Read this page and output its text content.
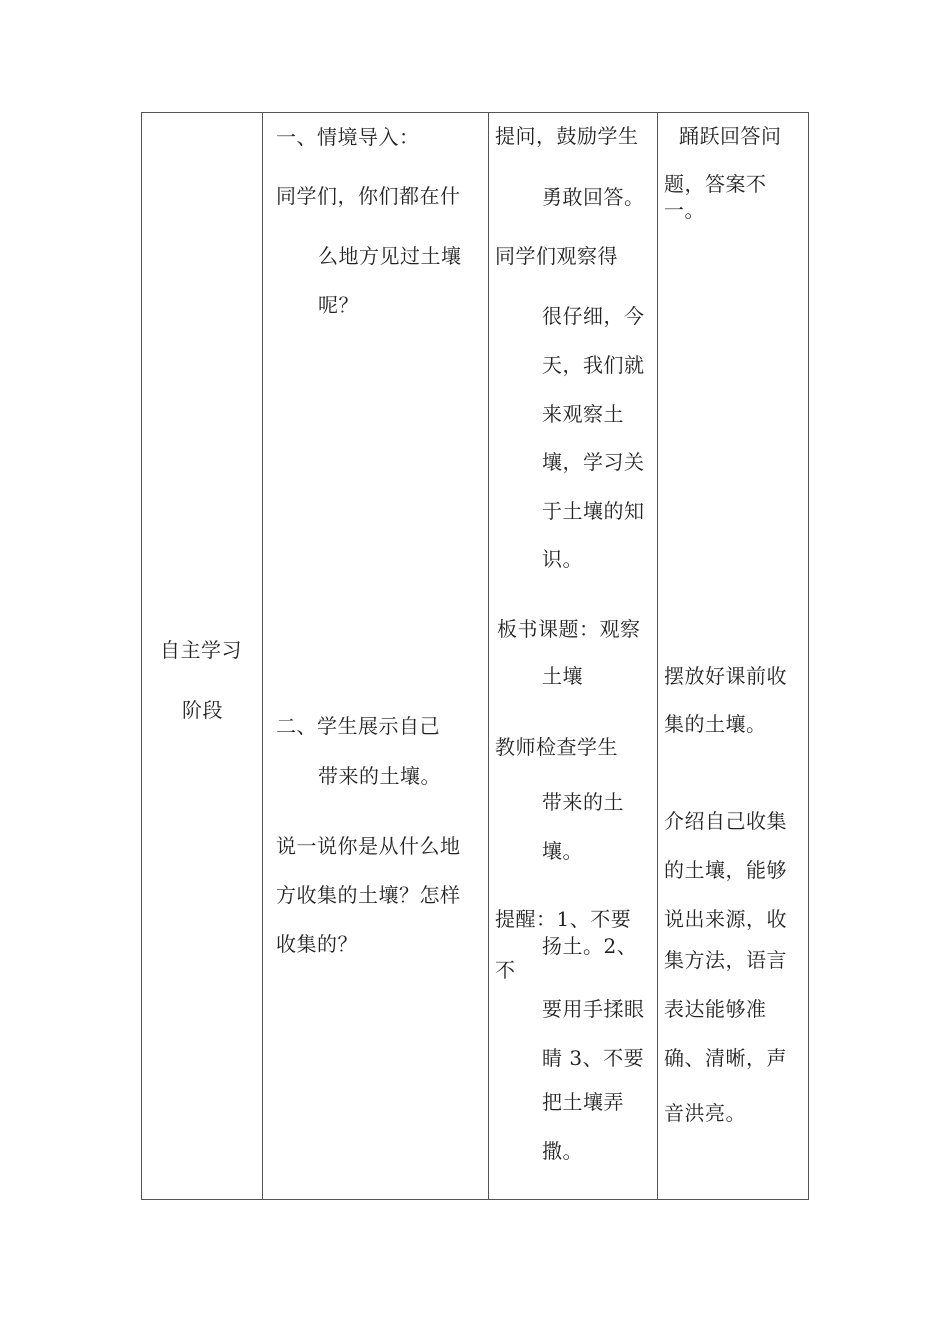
自主学习
阶段
一、情境导入：
同学们，你们都在什
么地方见过土壤
呢？
二、学生展示自己
带来的土壤。
说一说你是从什么地
方收集的土壤？怎样
收集的？
提问，鼓励学生
勇敢回答。
同学们观察得
很仔细，今
天，我们就
来观察土
壤，学习关
于土壤的知
识。
板书课题：观察
土壤
教师检查学生
带来的土
壤。
提醒：1、不要
扬土。2、
不
要用手揉眼
睛 3、不要
把土壤弄
撒。
踊跃回答问
题，答案不
一。
摆放好课前收
集的土壤。
介绍自己收集
的土壤，能够
说出来源，收
集方法，语言
表达能够准
确、清晰，声
音洪亮。
